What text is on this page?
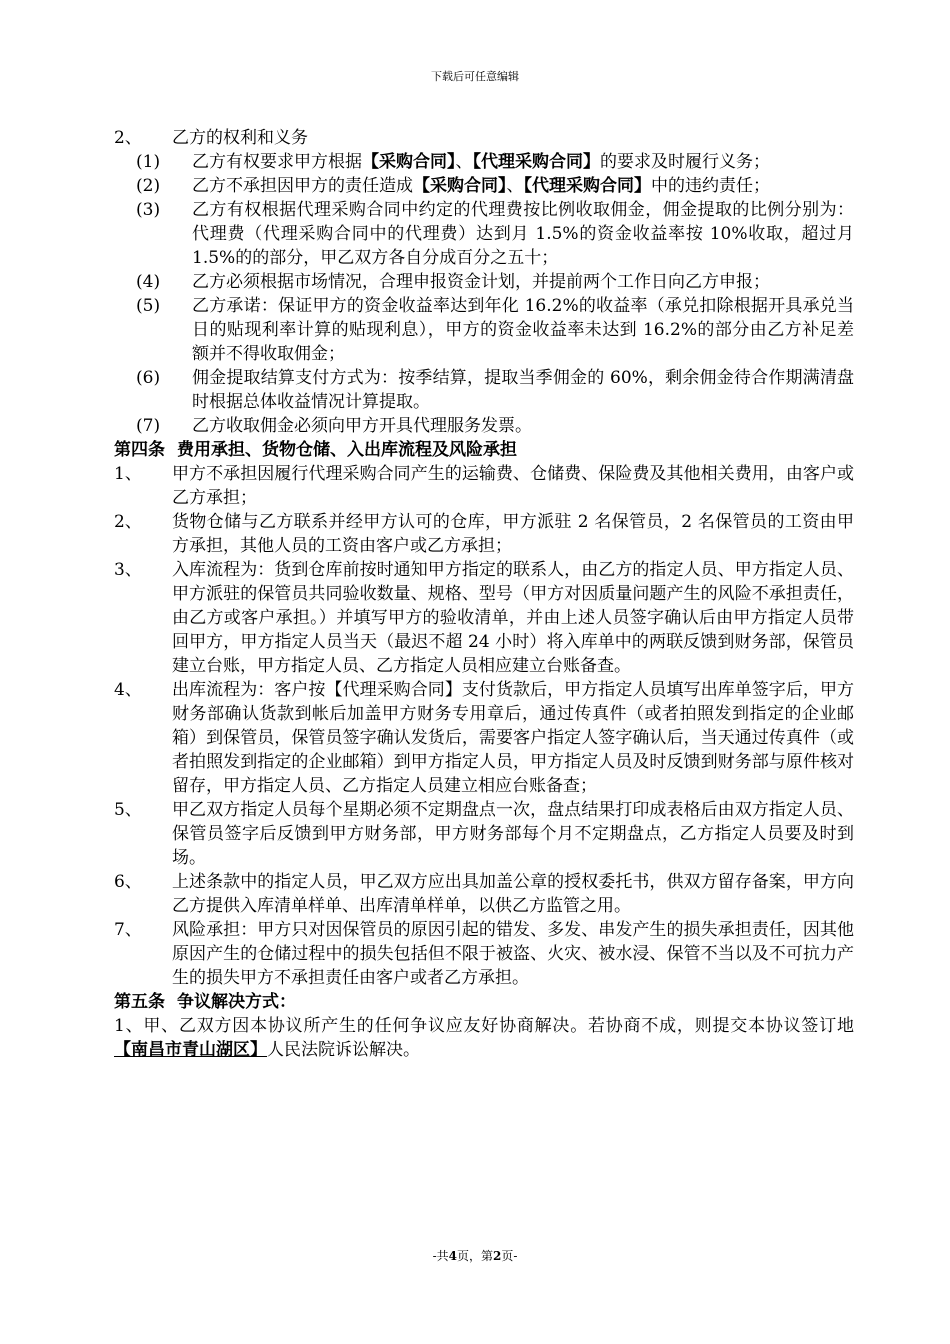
下载后可任意编辑
2、	乙方的权利和义务
(1)	乙方有权要求甲方根据【采购合同】、【代理采购合同】的要求及时履行义务；
(2)	乙方不承担因甲方的责任造成【采购合同】、【代理采购合同】中的违约责任；
(3)	乙方有权根据代理采购合同中约定的代理费按比例收取佣金，佣金提取的比例分别为：代理费（代理采购合同中的代理费）达到月 1.5%的资金收益率按 10%收取，超过月 1.5%的的部分，甲乙双方各自分成百分之五十；
(4)	乙方必须根据市场情况，合理申报资金计划，并提前两个工作日向乙方申报；
(5)	乙方承诺：保证甲方的资金收益率达到年化 16.2%的收益率（承兑扣除根据开具承兑当日的贴现利率计算的贴现利息），甲方的资金收益率未达到 16.2%的部分由乙方补足差额并不得收取佣金；
(6)	佣金提取结算支付方式为：按季结算，提取当季佣金的 60%，剩余佣金待合作期满清盘时根据总体收益情况计算提取。
(7)	乙方收取佣金必须向甲方开具代理服务发票。
第四条 费用承担、货物仓储、入出库流程及风险承担
1、	甲方不承担因履行代理采购合同产生的运输费、仓储费、保险费及其他相关费用，由客户或乙方承担；
2、	货物仓储与乙方联系并经甲方认可的仓库，甲方派驻 2 名保管员，2 名保管员的工资由甲方承担，其他人员的工资由客户或乙方承担；
3、	入库流程为：货到仓库前按时通知甲方指定的联系人，由乙方的指定人员、甲方指定人员、甲方派驻的保管员共同验收数量、规格、型号（甲方对因质量问题产生的风险不承担责任，由乙方或客户承担。）并填写甲方的验收清单，并由上述人员签字确认后由甲方指定人员带回甲方，甲方指定人员当天（最迟不超 24 小时）将入库单中的两联反馈到财务部，保管员建立台账，甲方指定人员、乙方指定人员相应建立台账备查。
4、	出库流程为：客户按【代理采购合同】支付货款后，甲方指定人员填写出库单签字后，甲方财务部确认货款到帐后加盖甲方财务专用章后，通过传真件（或者拍照发到指定的企业邮箱）到保管员，保管员签字确认发货后，需要客户指定人签字确认后，当天通过传真件（或者拍照发到指定的企业邮箱）到甲方指定人员，甲方指定人员及时反馈到财务部与原件核对留存，甲方指定人员、乙方指定人员建立相应台账备查；
5、	甲乙双方指定人员每个星期必须不定期盘点一次，盘点结果打印成表格后由双方指定人员、保管员签字后反馈到甲方财务部，甲方财务部每个月不定期盘点，乙方指定人员要及时到场。
6、	上述条款中的指定人员，甲乙双方应出具加盖公章的授权委托书，供双方留存备案，甲方向乙方提供入库清单样单、出库清单样单，以供乙方监管之用。
7、	风险承担：甲方只对因保管员的原因引起的错发、多发、串发产生的损失承担责任，因其他原因产生的仓储过程中的损失包括但不限于被盗、火灾、被水浸、保管不当以及不可抗力产生的损失甲方不承担责任由客户或者乙方承担。
第五条 争议解决方式：
1、甲、乙双方因本协议所产生的任何争议应友好协商解决。若协商不成，则提交本协议签订地【南昌市青山湖区】人民法院诉讼解决。
-共4页，第2页-
